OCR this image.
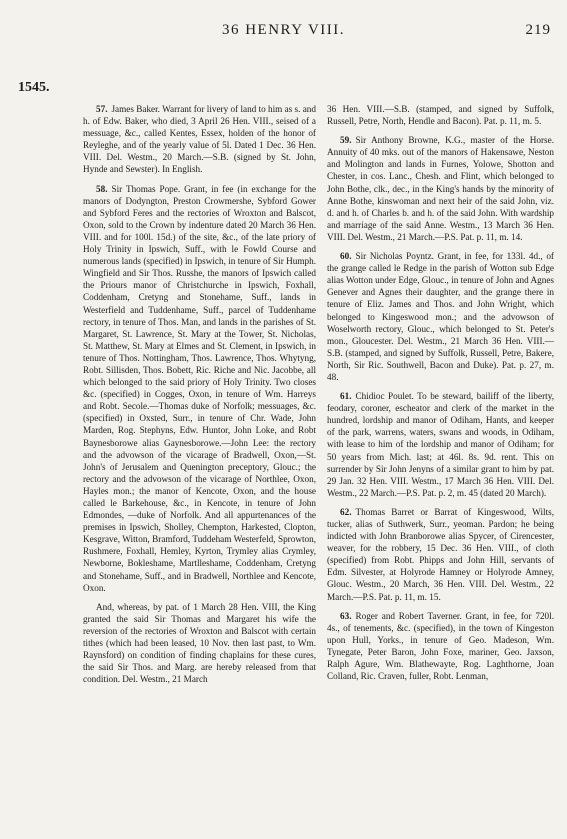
36 HENRY VIII.	219
1545.

57. James Baker. Warrant for livery of land to him as s. and h. of Edw. Baker, who died, 3 April 26 Hen. VIII., seised of a messuage, &c., called Kentes, Essex, holden of the honor of Reyleghe, and of the yearly value of 5l. Dated 1 Dec. 36 Hen. VIII. Del. Westm., 20 March.—S.B. (signed by St. John, Hynde and Sewster). In English.

58. Sir Thomas Pope. Grant, in fee (in exchange for the manors of Dodyngton, Preston Crowmershe, Sybford Gower and Sybford Feres and the rectories of Wroxton and Balscot, Oxon, sold to the Crown by indenture dated 20 March 36 Hen. VIII. and for 100l. 15d.) of the site, &c., of the late priory of Holy Trinity in Ipswich, Suff., with le Fowld Course and numerous lands (specified) in Ipswich, in tenure of Sir Humph. Wingfield and Sir Thos. Russhe, the manors of Ipswich called the Priours manor of Christchurche in Ipswich, Foxhall, Coddenham, Cretyng and Stonehame, Suff., lands in Westerfield and Tuddenhame, Suff., parcel of Tuddenhame rectory, in tenure of Thos. Man, and lands in the parishes of St. Margaret, St. Lawrence, St. Mary at the Tower, St. Nicholas, St. Matthew, St. Mary at Elmes and St. Clement, in Ipswich, in tenure of Thos. Nottingham, Thos. Lawrence, Thos. Whytyng, Robt. Sillisden, Thos. Bobett, Ric. Riche and Nic. Jacobbe, all which belonged to the said priory of Holy Trinity. Two closes &c. (specified) in Cogges, Oxon, in tenure of Wm. Harreys and Robt. Secole.—Thomas duke of Norfolk; messuages, &c. (specified) in Oxsted, Surr., in tenure of Chr. Wade, John Marden, Rog. Stephyns, Edw. Huntor, John Loke, and Robt Baynesborowe alias Gaynesborowe.—John Lee: the rectory and the advowson of the vicarage of Bradwell, Oxon,—St. John's of Jerusalem and Quenington preceptory, Glouc.; the rectory and the advowson of the vicarage of Northlee, Oxon, Hayles mon.; the manor of Kencote, Oxon, and the house called le Barkehouse, &c., in Kencote, in tenure of John Edmondes, —duke of Norfolk. And all appurtenances of the premises in Ipswich, Sholley, Chempton, Harkested, Clopton, Kesgrave, Witton, Bramford, Tuddeham Westerfeld, Sprowton, Rushmere, Foxhall, Hemley, Kyrton, Trymley alias Crymley, Newborne, Bokleshame, Martlleshame, Coddenham, Cretyng and Stonehame, Suff., and in Bradwell, Northlee and Kencote, Oxon.

And, whereas, by pat. of 1 March 28 Hen. VIII, the King granted the said Sir Thomas and Margaret his wife the reversion of the rectories of Wroxton and Balscot with certain tithes (which had been leased, 10 Nov. then last past, to Wm. Raynsford) on condition of finding chaplains for these cures, the said Sir Thos. and Marg. are hereby released from that condition. Del. Westm., 21 March

36 Hen. VIII.—S.B. (stamped, and signed by Suffolk, Russell, Petre, North, Hendle and Bacon). Pat. p. 11, m. 5.

59. Sir Anthony Browne, K.G., master of the Horse. Annuity of 40 mks. out of the manors of Hakensawe, Neston and Molington and lands in Furnes, Yolowe, Shotton and Chester, in cos. Lanc., Chesh. and Flint, which belonged to John Bothe, clk., dec., in the King's hands by the minority of Anne Bothe, kinswoman and next heir of the said John, viz. d. and h. of Charles b. and h. of the said John. With wardship and marriage of the said Anne. Westm., 13 March 36 Hen. VIII. Del. Westm., 21 March.—P.S. Pat. p. 11, m. 14.

60. Sir Nicholas Poyntz. Grant, in fee, for 133l. 4d., of the grange called le Redge in the parish of Wotton sub Edge alias Wotton under Edge, Glouc., in tenure of John and Agnes Genever and Agnes their daughter, and the grange there in tenure of Eliz. James and Thos. and John Wright, which belonged to Kingeswood mon.; and the advowson of Woselworth rectory, Glouc., which belonged to St. Peter's mon., Gloucester. Del. Westm., 21 March 36 Hen. VIII.—S.B. (stamped, and signed by Suffolk, Russell, Petre, Bakere, North, Sir Ric. Southwell, Bacon and Duke). Pat. p. 27, m. 48.

61. Chidioc Poulet. To be steward, bailiff of the liberty, feodary, coroner, escheator and clerk of the market in the hundred, lordship and manor of Odiham, Hants, and keeper of the park, warrens, waters, swans and woods, in Odiham, with lease to him of the lordship and manor of Odiham; for 50 years from Mich. last; at 46l. 8s. 9d. rent. This on surrender by Sir John Jenyns of a similar grant to him by pat. 29 Jan. 32 Hen. VIII. Westm., 17 March 36 Hen. VIII. Del. Westm., 22 March.—P.S. Pat. p. 2, m. 45 (dated 20 March).

62. Thomas Barret or Barrat of Kingeswood, Wilts, tucker, alias of Suthwerk, Surr., yeoman. Pardon; he being indicted with John Branborowe alias Spycer, of Cirencester, weaver, for the robbery, 15 Dec. 36 Hen. VIII., of cloth (specified) from Robt. Phipps and John Hill, servants of Edm. Silvester, at Holyrode Hamney or Holyrode Amney, Glouc. Westm., 20 March, 36 Hen. VIII. Del. Westm., 22 March.—P.S. Pat. p. 11, m. 15.

63. Roger and Robert Taverner. Grant, in fee, for 720l. 4s., of tenements, &c. (specified), in the town of Kingeston upon Hull, Yorks., in tenure of Geo. Madeson, Wm. Tynegate, Peter Baron, John Foxe, mariner, Geo. Jaxson, Ralph Agure, Wm. Blathewayte, Rog. Laghthorne, Joan Colland, Ric. Craven, fuller, Robt. Lenman,
